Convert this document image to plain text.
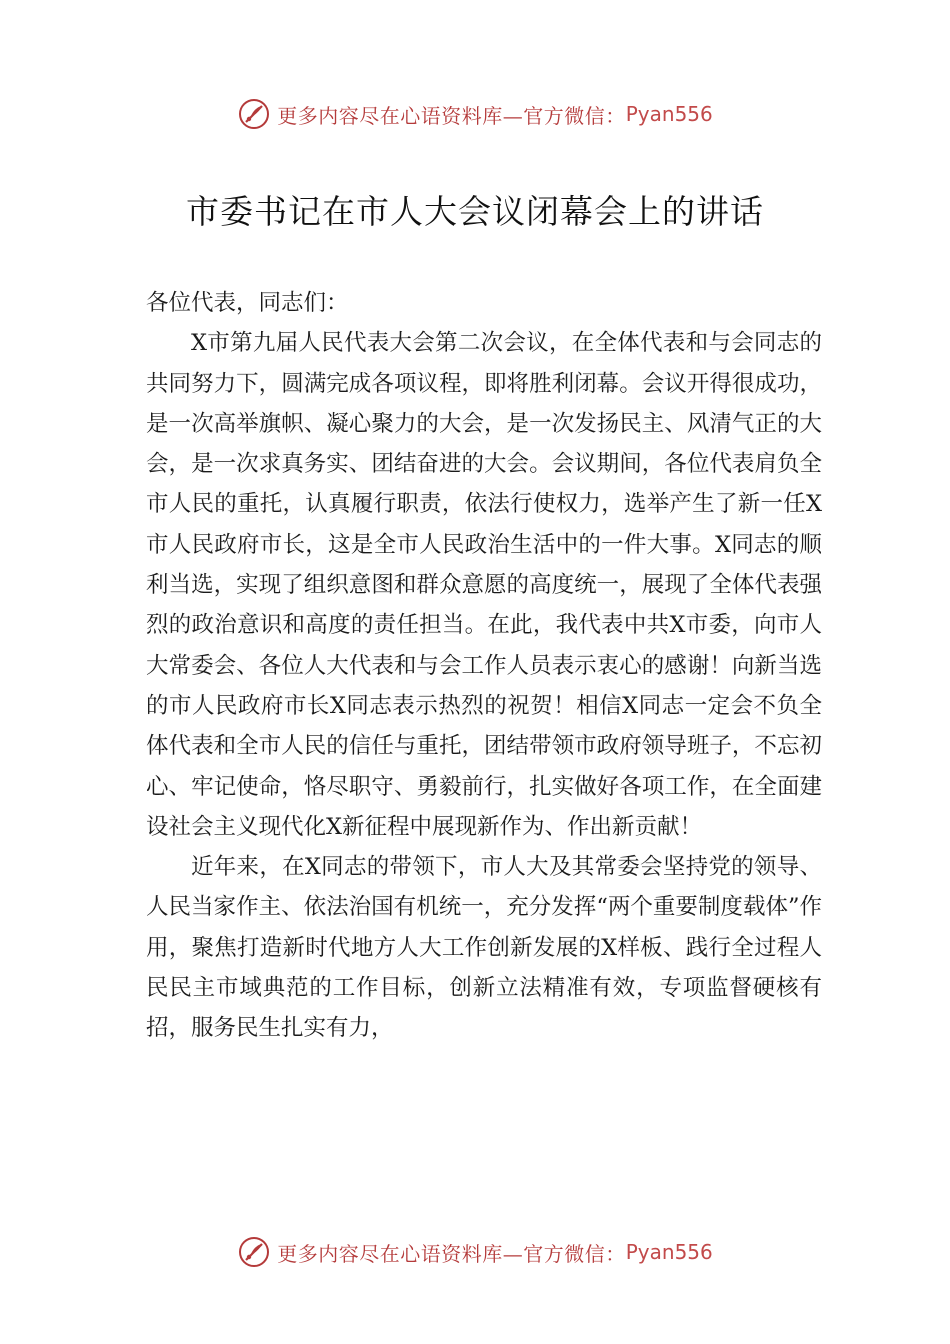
更多内容尽在心语资料库—官方微信： Pyan556
市委书记在市人大会议闭幕会上的讲话

各位代表，同志们：

X市第九届人民代表大会第二次会议，在全体代表和与会同志的共同努力下，圆满完成各项议程，即将胜利闭幕。会议开得很成功，是一次高举旗帜、凝心聚力的大会，是一次发扬民主、风清气正的大会，是一次求真务实、团结奋进的大会。会议期间，各位代表肩负全市人民的重托，认真履行职责，依法行使权力，选举产生了新一任X市人民政府市长，这是全市人民政治生活中的一件大事。X同志的顺利当选，实现了组织意图和群众意愿的高度统一，展现了全体代表强烈的政治意识和高度的责任担当。在此，我代表中共X市委，向市人大常委会、各位人大代表和与会工作人员表示衷心的感谢！向新当选的市人民政府市长X同志表示热烈的祝贺！相信X同志一定会不负全体代表和全市人民的信任与重托，团结带领市政府领导班子，不忘初心、牢记使命，恪尽职守、勇毅前行，扎实做好各项工作，在全面建设社会主义现代化X新征程中展现新作为、作出新贡献！

近年来，在X同志的带领下，市人大及其常委会坚持党的领导、人民当家作主、依法治国有机统一，充分发挥“两个重要制度载体”作用，聚焦打造新时代地方人大工作创新发展的X样板、践行全过程人民民主市域典范的工作目标，创新立法精准有效，专项监督硬核有招，服务民生扎实有力，

更多内容尽在心语资料库—官方微信： Pyan556
